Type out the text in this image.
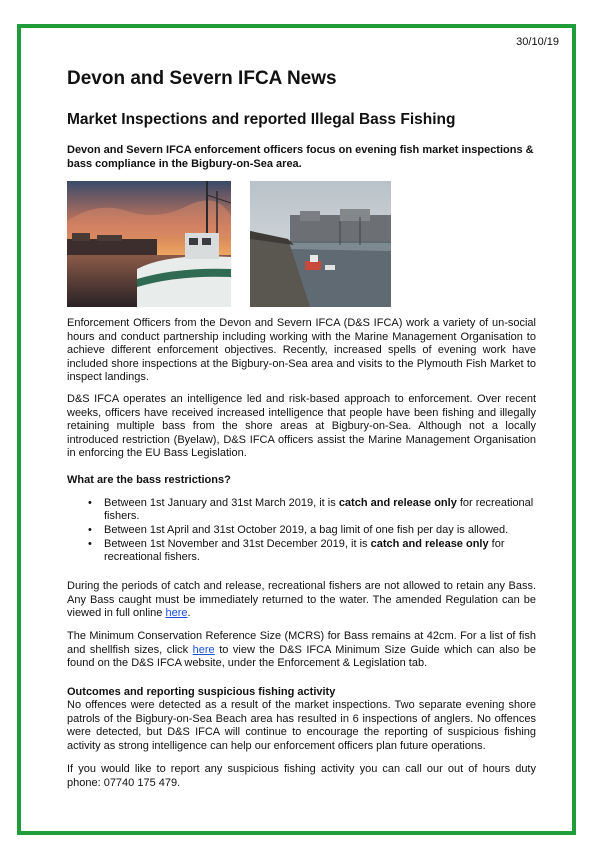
30/10/19
Devon and Severn IFCA News
Market Inspections and reported Illegal Bass Fishing

Devon and Severn IFCA enforcement officers focus on evening fish market inspections & bass compliance in the Bigbury-on-Sea area.

Enforcement Officers from the Devon and Severn IFCA (D&S IFCA) work a variety of un-social hours and conduct partnership including working with the Marine Management Organisation to achieve different enforcement objectives. Recently, increased spells of evening work have included shore inspections at the Bigbury-on-Sea area and visits to the Plymouth Fish Market to inspect landings.

D&S IFCA operates an intelligence led and risk-based approach to enforcement. Over recent weeks, officers have received increased intelligence that people have been fishing and illegally retaining multiple bass from the shore areas at Bigbury-on-Sea. Although not a locally introduced restriction (Byelaw), D&S IFCA officers assist the Marine Management Organisation in enforcing the EU Bass Legislation.

What are the bass restrictions?

• Between 1st January and 31st March 2019, it is catch and release only for recreational fishers.
• Between 1st April and 31st October 2019, a bag limit of one fish per day is allowed.
• Between 1st November and 31st December 2019, it is catch and release only for recreational fishers.

During the periods of catch and release, recreational fishers are not allowed to retain any Bass. Any Bass caught must be immediately returned to the water. The amended Regulation can be viewed in full online here.

The Minimum Conservation Reference Size (MCRS) for Bass remains at 42cm. For a list of fish and shellfish sizes, click here to view the D&S IFCA Minimum Size Guide which can also be found on the D&S IFCA website, under the Enforcement & Legislation tab.

Outcomes and reporting suspicious fishing activity

No offences were detected as a result of the market inspections. Two separate evening shore patrols of the Bigbury-on-Sea Beach area has resulted in 6 inspections of anglers. No offences were detected, but D&S IFCA will continue to encourage the reporting of suspicious fishing activity as strong intelligence can help our enforcement officers plan future operations.

If you would like to report any suspicious fishing activity you can call our out of hours duty phone: 07740 175 479.
